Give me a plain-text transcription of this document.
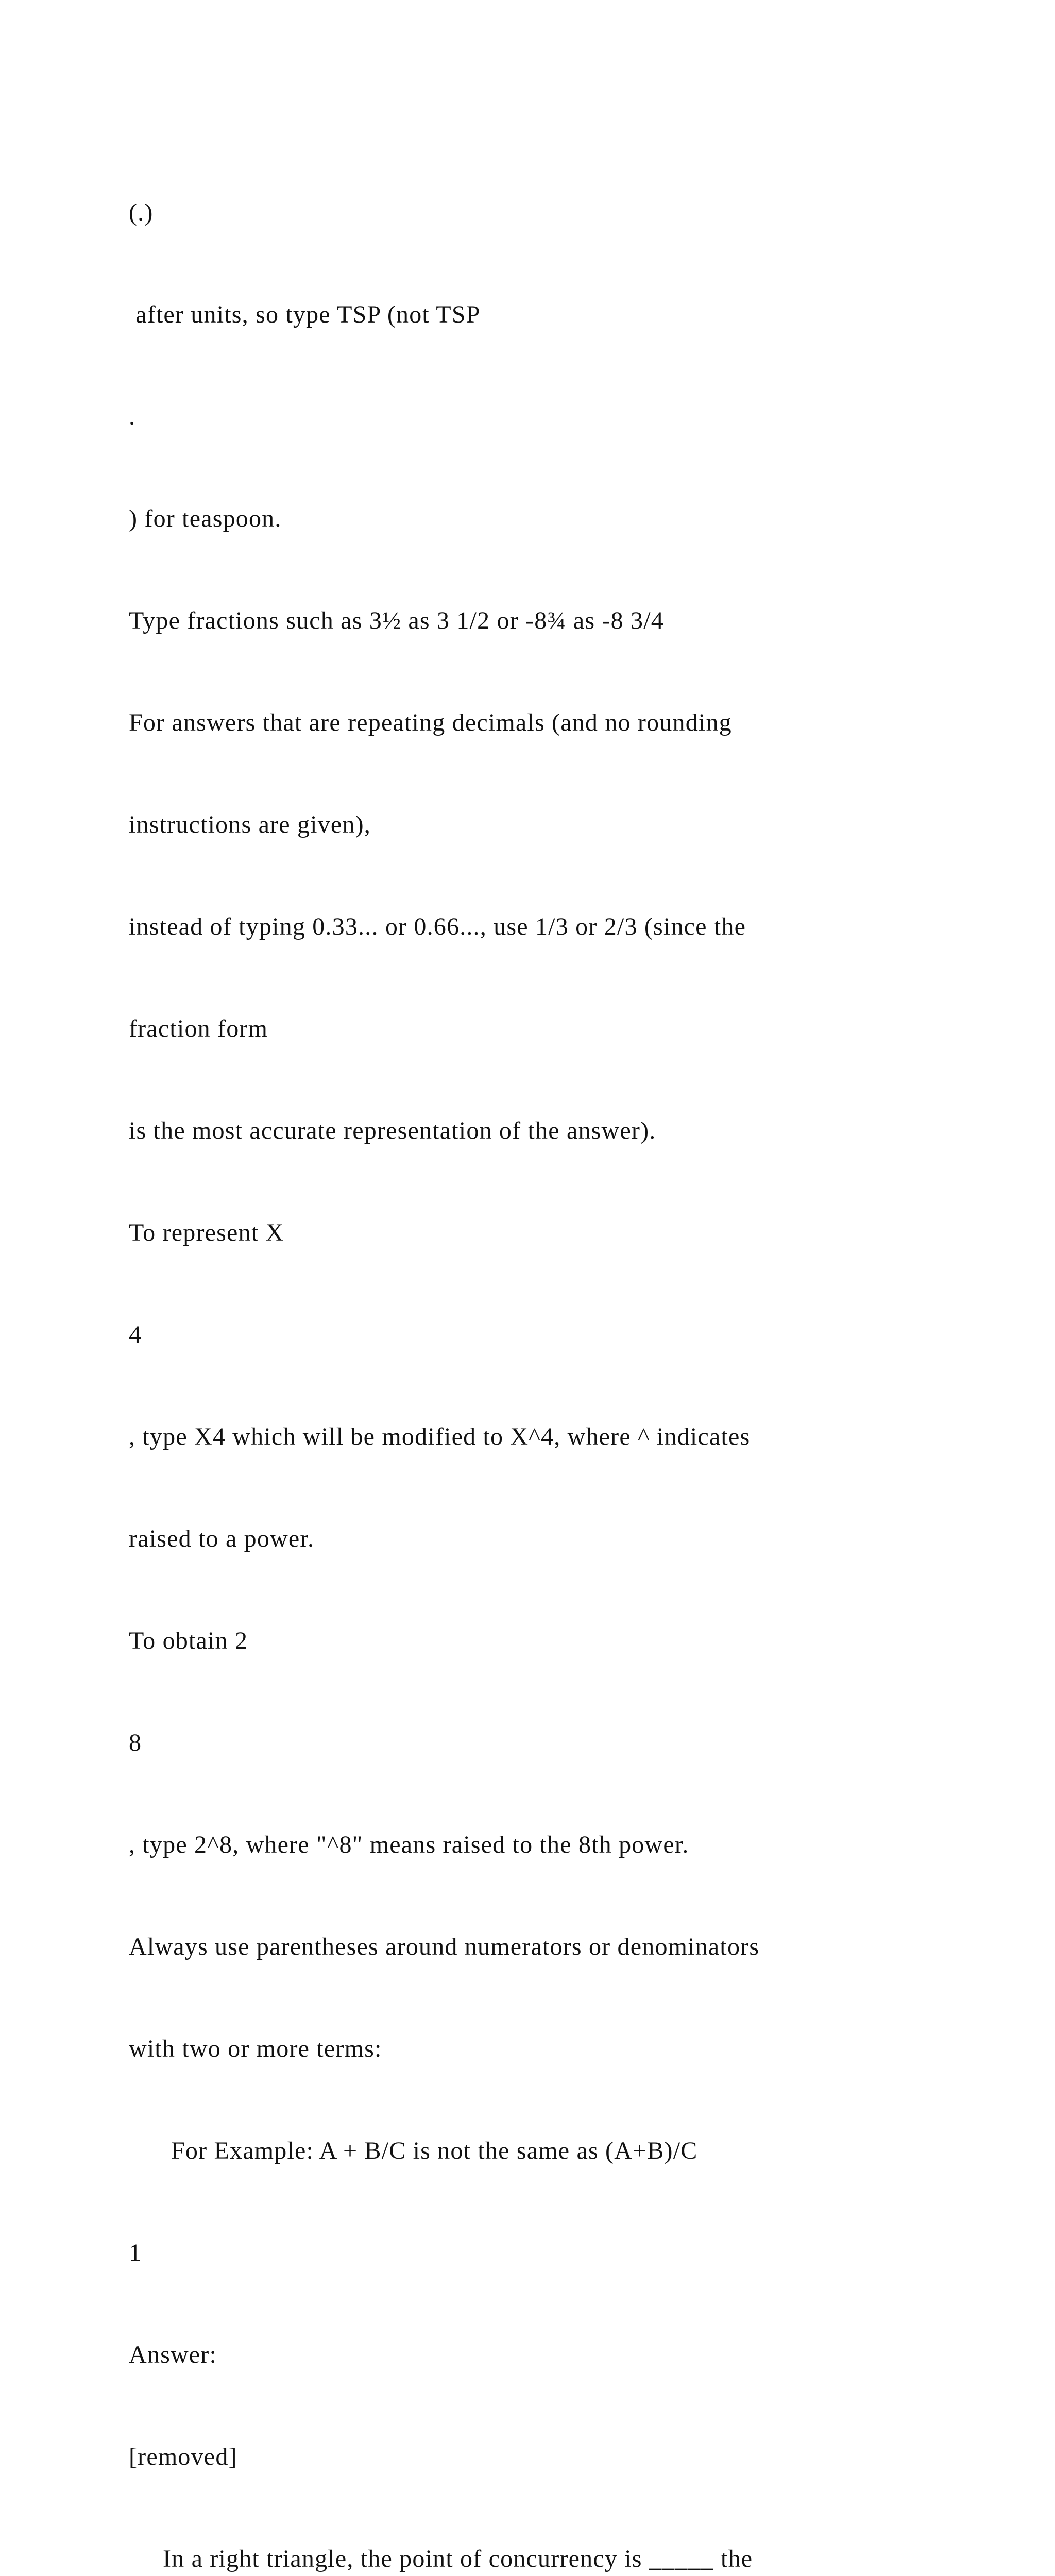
(.)

after units, so type TSP (not TSP

.

) for teaspoon.

Type fractions such as 3½ as 3 1/2 or -8¾ as -8 3/4

For answers that are repeating decimals (and no rounding

instructions are given),

instead of typing 0.33... or 0.66..., use 1/3 or 2/3 (since the

fraction form

is the most accurate representation of the answer).

To represent X

4

, type X4 which will be modified to X^4, where ^ indicates

raised to a power.

To obtain 2

8

, type 2^8, where "^8" means raised to the 8th power.

Always use parentheses around numerators or denominators

with two or more terms:

For Example: A + B/C is not the same as (A+B)/C

1

Answer:

[removed]

In a right triangle, the point of concurrency is _____ the
